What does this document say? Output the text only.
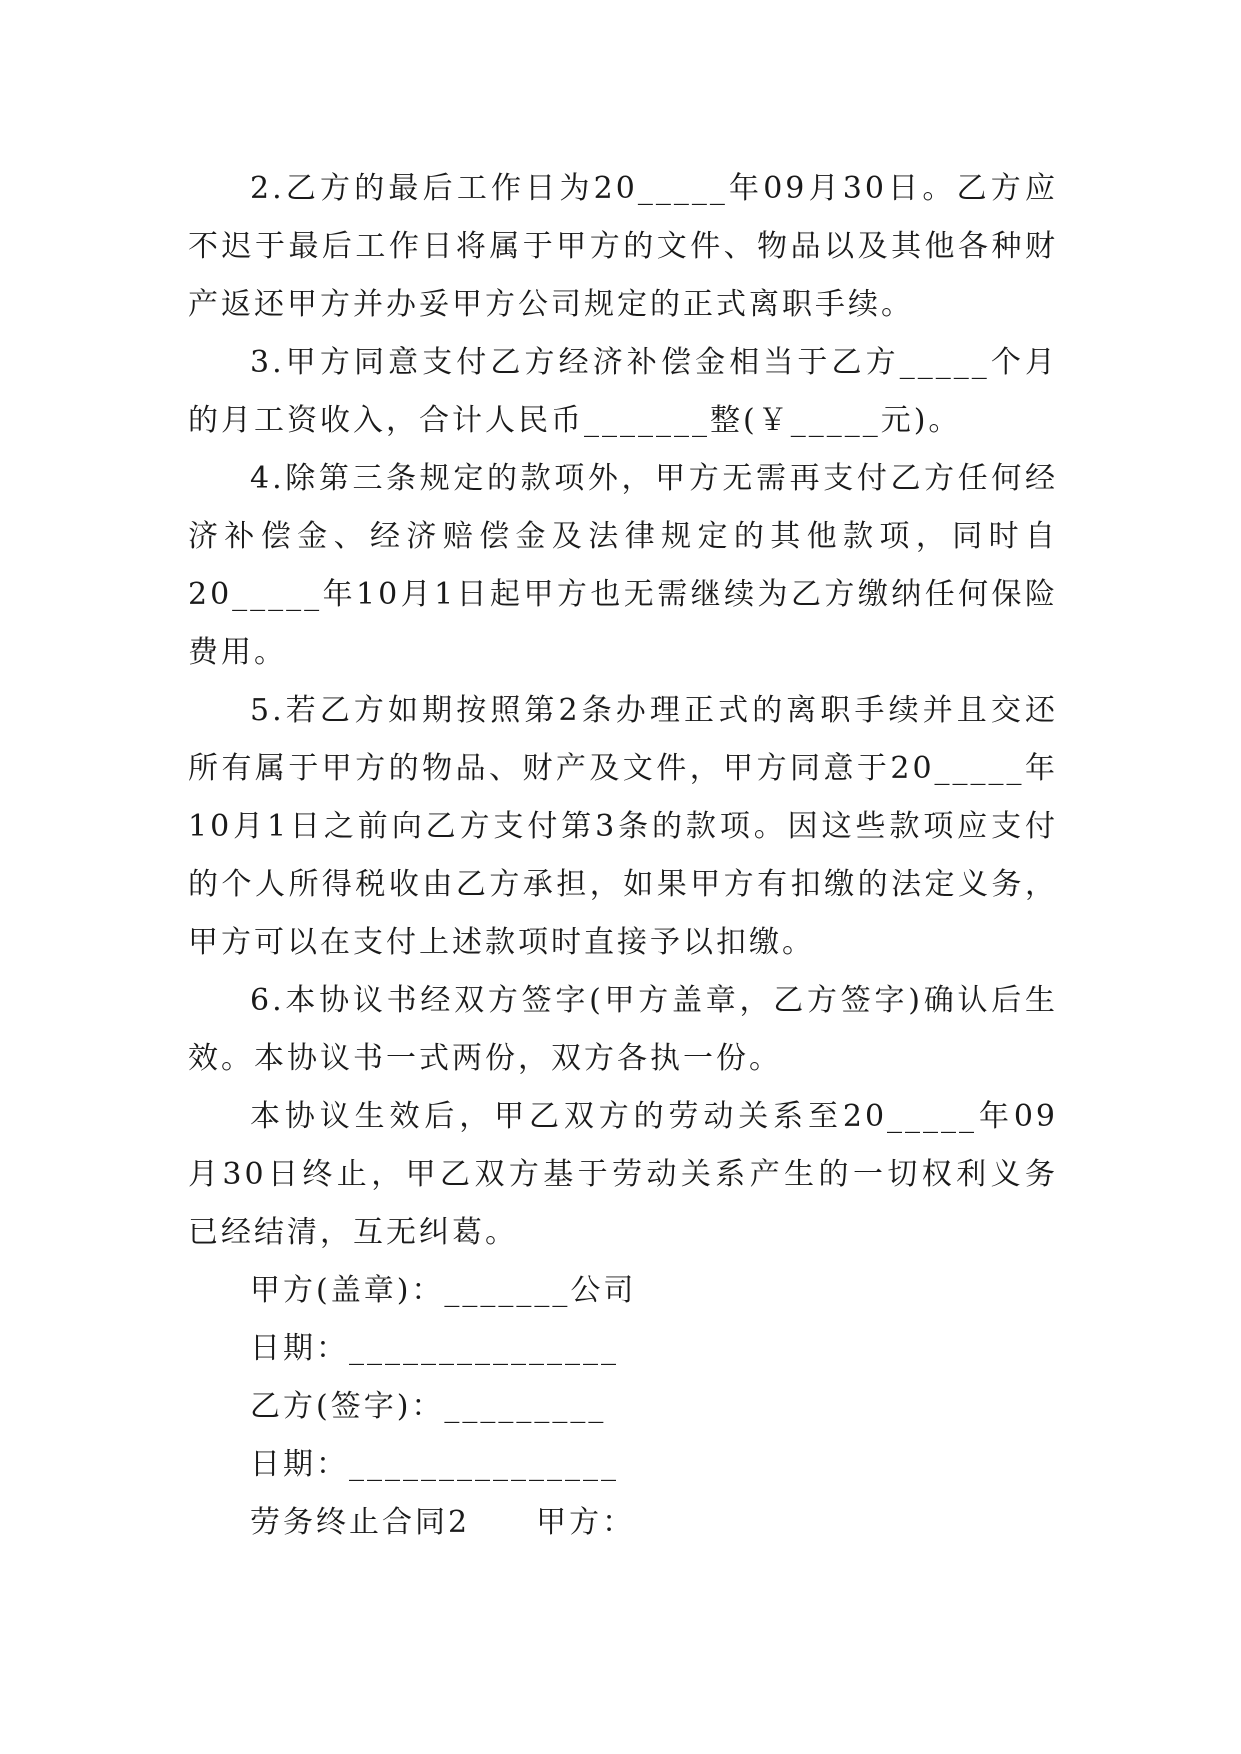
2.乙方的最后工作日为20_____年09月30日。乙方应
不迟于最后工作日将属于甲方的文件、物品以及其他各种财
产返还甲方并办妥甲方公司规定的正式离职手续。
3.甲方同意支付乙方经济补偿金相当于乙方_____个月
的月工资收入，合计人民币_______整(￥_____元)。
4.除第三条规定的款项外，甲方无需再支付乙方任何经
济补偿金、经济赔偿金及法律规定的其他款项，同时自
20_____年10月1日起甲方也无需继续为乙方缴纳任何保险
费用。
5.若乙方如期按照第2条办理正式的离职手续并且交还
所有属于甲方的物品、财产及文件，甲方同意于20_____年
10月1日之前向乙方支付第3条的款项。因这些款项应支付
的个人所得税收由乙方承担，如果甲方有扣缴的法定义务，
甲方可以在支付上述款项时直接予以扣缴。
6.本协议书经双方签字(甲方盖章，乙方签字)确认后生
效。本协议书一式两份，双方各执一份。
本协议生效后，甲乙双方的劳动关系至20_____年09
月30日终止，甲乙双方基于劳动关系产生的一切权利义务
已经结清，互无纠葛。
甲方(盖章)：_______公司
日期：_______________
乙方(签字)：_________
日期：_______________
劳务终止合同2　　甲方：
